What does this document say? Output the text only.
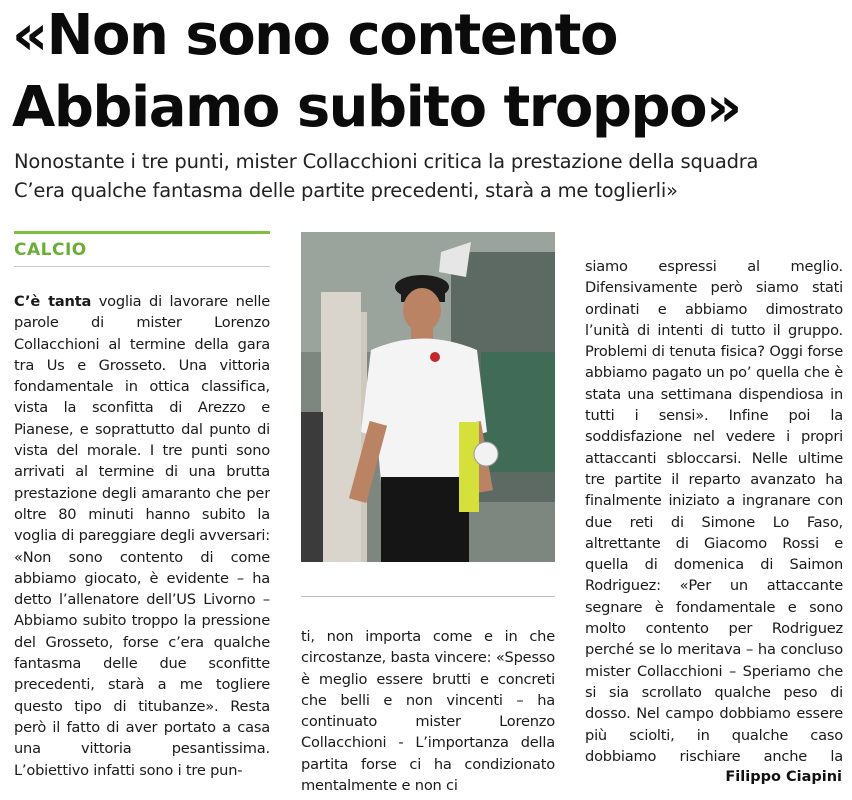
«Non sono contento
Abbiamo subito troppo»
Nonostante i tre punti, mister Collacchioni critica la prestazione della squadra
C’era qualche fantasma delle partite precedenti, starà a me toglierli»
CALCIO

C’è tanta voglia di lavorare nelle parole di mister Lorenzo Collacchioni al termine della gara tra Us e Grosseto. Una vittoria fondamentale in ottica classifica, vista la sconfitta di Arezzo e Pianese, e soprattutto dal punto di vista del morale. I tre punti sono arrivati al termine di una brutta prestazione degli amaranto che per oltre 80 minuti hanno subito la voglia di pareggiare degli avversari: «Non sono contento di come abbiamo giocato, è evidente – ha detto l’allenatore dell’US Livorno – Abbiamo subito troppo la pressione del Grosseto, forse c’era qualche fantasma delle due sconfitte precedenti, starà a me togliere questo tipo di titubanze». Resta però il fatto di aver portato a casa una vittoria pesantissima. L’obiettivo infatti sono i tre pun-

ti, non importa come e in che circostanze, basta vincere: «Spesso è meglio essere brutti e concreti che belli e non vincenti – ha continuato mister Lorenzo Collacchioni - L’importanza della partita forse ci ha condizionato mentalmente e non ci

siamo espressi al meglio. Difensivamente però siamo stati ordinati e abbiamo dimostrato l’unità di intenti di tutto il gruppo. Problemi di tenuta fisica? Oggi forse abbiamo pagato un po’ quella che è stata una settimana dispendiosa in tutti i sensi». Infine poi la soddisfazione nel vedere i propri attaccanti sbloccarsi. Nelle ultime tre partite il reparto avanzato ha finalmente iniziato a ingranare con due reti di Simone Lo Faso, altrettante di Giacomo Rossi e quella di domenica di Saimon Rodriguez: «Per un attaccante segnare è fondamentale e sono molto contento per Rodriguez perché se lo meritava – ha concluso mister Collacchioni – Speriamo che si sia scrollato qualche peso di dosso. Nel campo dobbiamo essere più sciolti, in qualche caso dobbiamo rischiare anche la

Filippo Ciapini
